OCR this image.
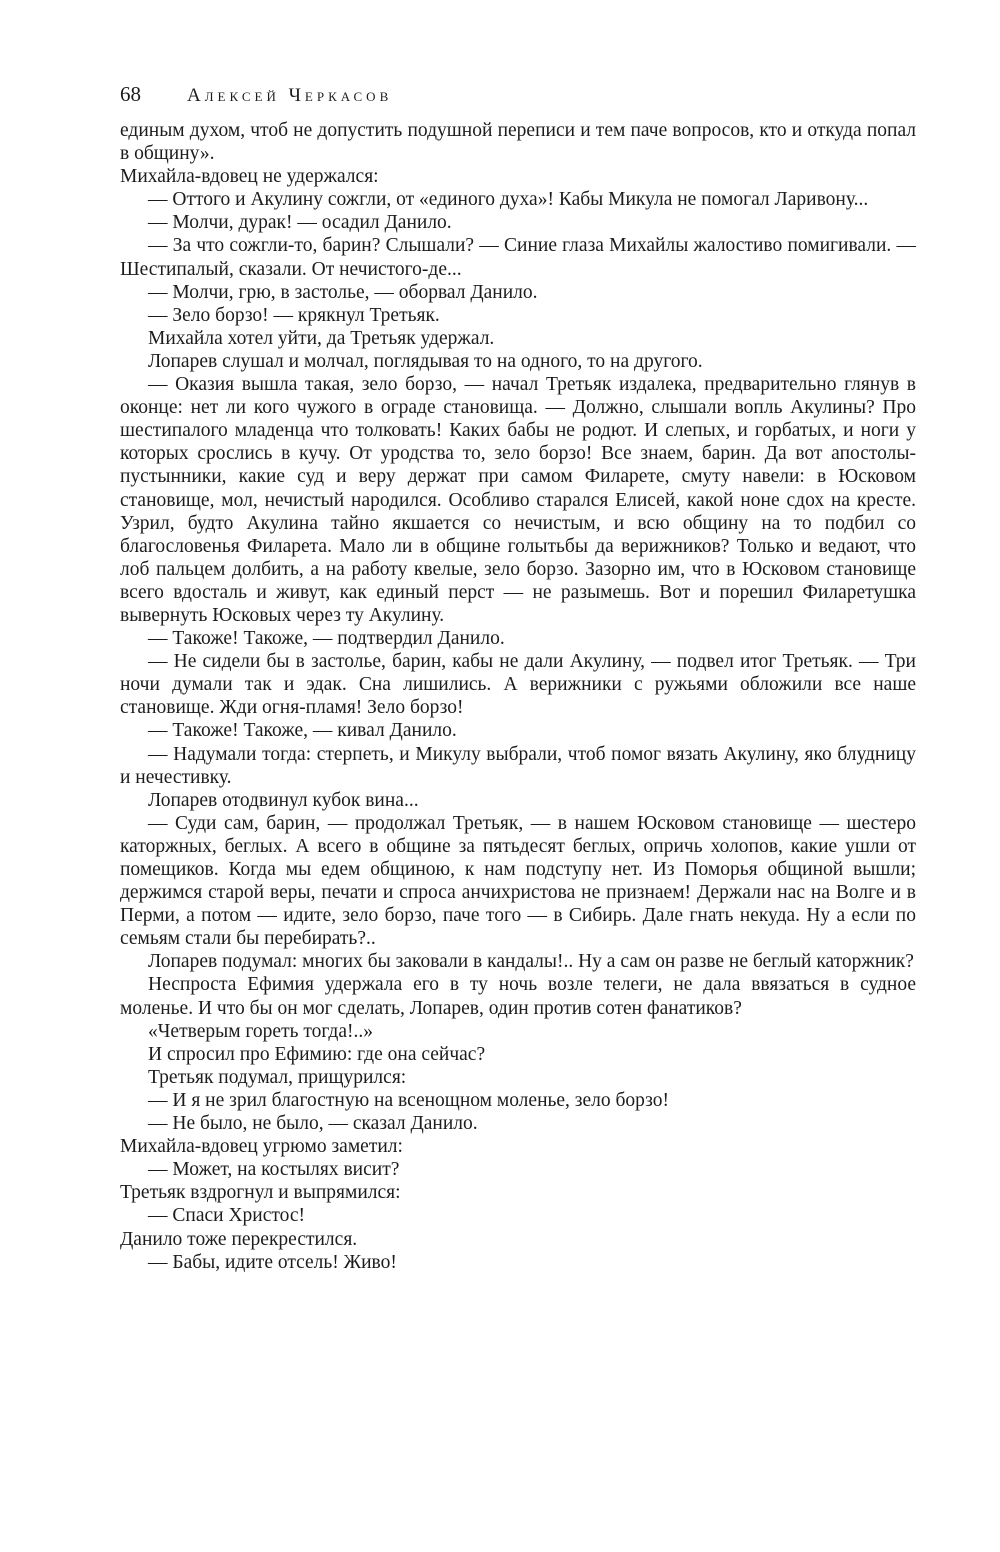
68 Алексей Черкасов

единым духом, чтоб не допустить подушной переписи и тем паче вопросов, кто и откуда попал в общину».

Михайла-вдовец не удержался:

— Оттого и Акулину сожгли, от «единого духа»! Кабы Микула не помогал Ларивону...

— Молчи, дурак! — осадил Данило.

— За что сожгли-то, барин? Слышали? — Синие глаза Михайлы жалостиво помигивали. — Шестипалый, сказали. От нечистого-де...

— Молчи, грю, в застолье, — оборвал Данило.

— Зело борзо! — крякнул Третьяк.

Михайла хотел уйти, да Третьяк удержал.

Лопарев слушал и молчал, поглядывая то на одного, то на другого.

— Оказия вышла такая, зело борзо, — начал Третьяк издалека, предварительно глянув в оконце: нет ли кого чужого в ограде становища. — Должно, слышали вопль Акулины? Про шестипалого младенца что толковать! Каких бабы не родют. И слепых, и горбатых, и ноги у которых срослись в кучу. От уродства то, зело борзо! Все знаем, барин. Да вот апостолы-пустынники, какие суд и веру держат при самом Филарете, смуту навели: в Юсковом становище, мол, нечистый народился. Особливо старался Елисей, какой ноне сдох на кресте. Узрил, будто Акулина тайно якшается со нечистым, и всю общину на то подбил со благословенья Филарета. Мало ли в общине голытьбы да верижников? Только и ведают, что лоб пальцем долбить, а на работу квелые, зело борзо. Зазорно им, что в Юсковом становище всего вдосталь и живут, как единый перст — не разымешь. Вот и порешил Филаретушка вывернуть Юсковых через ту Акулину.

— Такоже! Такоже, — подтвердил Данило.

— Не сидели бы в застолье, барин, кабы не дали Акулину, — подвел итог Третьяк. — Три ночи думали так и эдак. Сна лишились. А верижники с ружьями обложили все наше становище. Жди огня-пламя! Зело борзо!

— Такоже! Такоже, — кивал Данило.

— Надумали тогда: стерпеть, и Микулу выбрали, чтоб помог вязать Акулину, яко блудницу и нечестивку.

Лопарев отодвинул кубок вина...

— Суди сам, барин, — продолжал Третьяк, — в нашем Юсковом становище — шестеро каторжных, беглых. А всего в общине за пятьдесят беглых, опричь холопов, какие ушли от помещиков. Когда мы едем общиною, к нам подступу нет. Из Поморья общиной вышли; держимся старой веры, печати и спроса анчихристова не признаем! Держали нас на Волге и в Перми, а потом — идите, зело борзо, паче того — в Сибирь. Дале гнать некуда. Ну а если по семьям стали бы перебирать?..

Лопарев подумал: многих бы заковали в кандалы!.. Ну а сам он разве не беглый каторжник?

Неспроста Ефимия удержала его в ту ночь возле телеги, не дала ввязаться в судное моленье. И что бы он мог сделать, Лопарев, один против сотен фанатиков?

«Четверым гореть тогда!..»

И спросил про Ефимию: где она сейчас?

Третьяк подумал, прищурился:

— И я не зрил благостную на всенощном моленье, зело борзо!

— Не было, не было, — сказал Данило.

Михайла-вдовец угрюмо заметил:

— Может, на костылях висит?

Третьяк вздрогнул и выпрямился:

— Спаси Христос!

Данило тоже перекрестился.

— Бабы, идите отсель! Живо!
